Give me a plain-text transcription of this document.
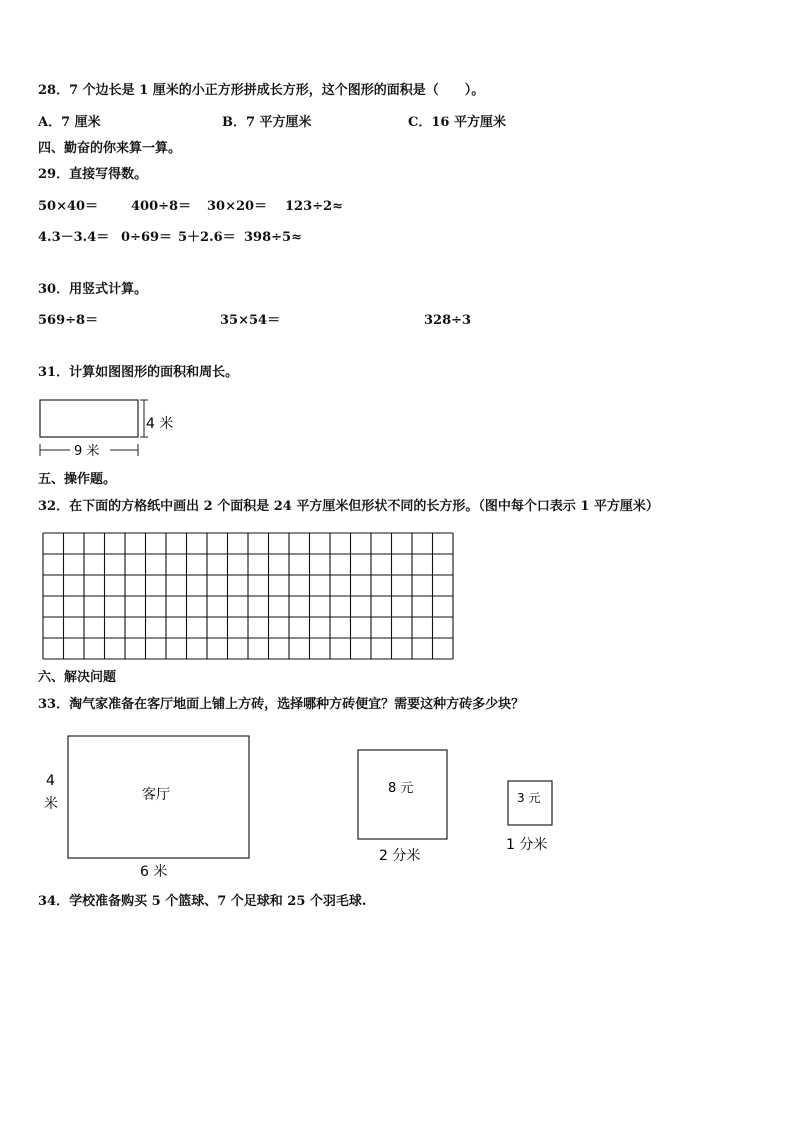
28．7 个边长是 1 厘米的小正方形拼成长方形，这个图形的面积是（　　）。
A．7 厘米	B．7 平方厘米	C．16 平方厘米
四、勤奋的你来算一算。
29．直接写得数。
50×40＝	400÷8＝ 30×20＝ 123÷2≈
4.3－3.4＝ 0÷69＝ 5＋2.6＝ 398÷5≈
30．用竖式计算。
569÷8＝	35×54＝	328÷3
31．计算如图图形的面积和周长。
4 米
9 米
五、操作题。
32．在下面的方格纸中画出 2 个面积是 24 平方厘米但形状不同的长方形。（图中每个口表示 1 平方厘米）
六、解决问题
33．淘气家准备在客厅地面上铺上方砖，选择哪种方砖便宜？需要这种方砖多少块？
4
米
客厅
6 米
8 元
2 分米
3 元
1 分米
34．学校准备购买 5 个篮球、7 个足球和 25 个羽毛球.
